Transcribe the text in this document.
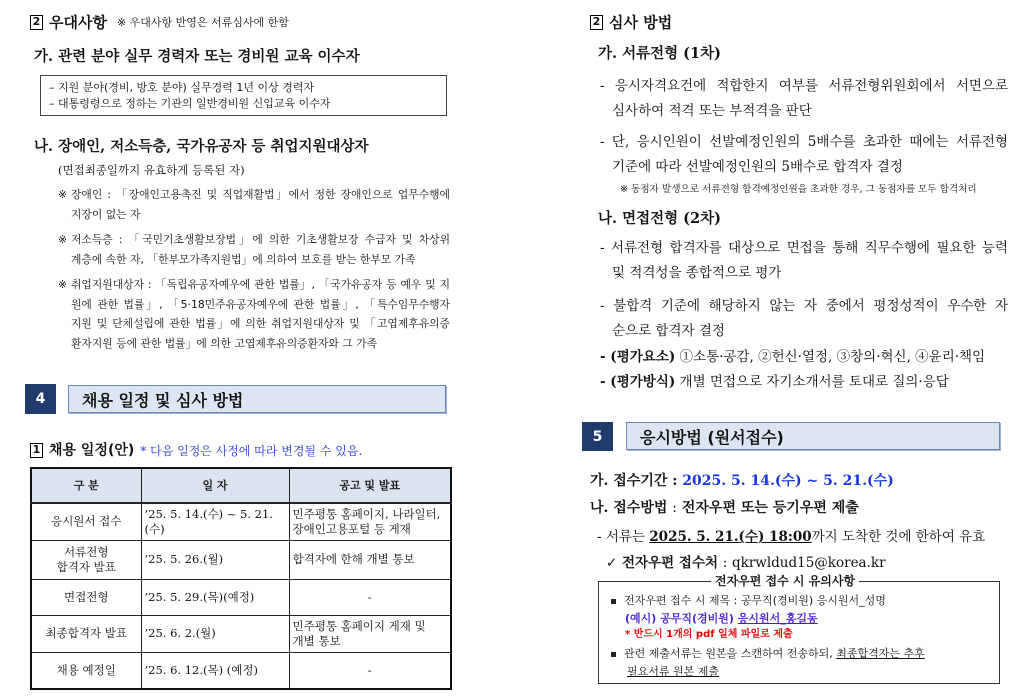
2 우대사항 ※ 우대사항 반영은 서류심사에 한함
가. 관련 분야 실무 경력자 또는 경비원 교육 이수자
– 지원 분야(경비, 방호 분야) 실무경력 1년 이상 경력자
– 대통령령으로 정하는 기관의 일반경비원 신입교육 이수자
나. 장애인, 저소득층, 국가유공자 등 취업지원대상자
(면접최종일까지 유효하게 등록된 자)
※ 장애인 : 「장애인고용촉진 및 직업재활법」에서 정한 장애인으로 업무수행에
지장이 없는 자
※ 저소득층 : 「국민기초생활보장법」에 의한 기초생활보장 수급자 및 차상위
계층에 속한 자, 「한부모가족지원법」에 의하여 보호를 받는 한부모 가족
※ 취업지원대상자 : 「독립유공자예우에 관한 법률」, 「국가유공자 등 예우 및 지
원에 관한 법률」, 「5·18민주유공자예우에 관한 법률」, 「특수임무수행자
지원 및 단체설립에 관한 법률」에 의한 취업지원대상자 및 「고엽제후유의증
환자지원 등에 관한 법률」에 의한 고엽제후유의증환자와 그 가족
4	채용 일정 및 심사 방법
1 채용 일정(안) * 다음 일정은 사정에 따라 변경될 수 있음.
구 분	일 자	공고 및 발표

응시원서 접수	’25. 5. 14.(수) ~ 5. 21.(수)	민주평통 홈페이지, 나라일터,
장애인고용포털 등 게재

서류전형
합격자 발표	’25. 5. 26.(월)	합격자에 한해 개별 통보

면접전형	’25. 5. 29.(목)(예정)	-

최종합격자 발표	’25. 6. 2.(월)	민주평통 홈페이지 게재 및
개별 통보

채용 예정일	’25. 6. 12.(목) (예정)	-
2 심사 방법
가. 서류전형 (1차)
- 응시자격요건에 적합한지 여부를 서류전형위원회에서 서면으로
심사하여 적격 또는 부적격을 판단
- 단, 응시인원이 선발예정인원의 5배수를 초과한 때에는 서류전형
기준에 따라 선발예정인원의 5배수로 합격자 결정
※ 동점자 발생으로 서류전형 합격예정인원을 초과한 경우, 그 동점자를 모두 합격처리
나. 면접전형 (2차)
- 서류전형 합격자를 대상으로 면접을 통해 직무수행에 필요한 능력
및 적격성을 종합적으로 평가
- 불합격 기준에 해당하지 않는 자 중에서 평정성적이 우수한 자
순으로 합격자 결정
- (평가요소) ①소통·공감, ②헌신·열정, ③창의·혁신, ④윤리·책임
- (평가방식) 개별 면접으로 자기소개서를 토대로 질의·응답
5	응시방법 (원서접수)
가. 접수기간 : 2025. 5. 14.(수) ~ 5. 21.(수)
나. 접수방법 : 전자우편 또는 등기우편 제출
- 서류는 2025. 5. 21.(수) 18:00까지 도착한 것에 한하여 유효
✓전자우편 접수처 : qkrwldud15@korea.kr
전자우편 접수 시 유의사항
전자우편 접수 시 제목 : 공무직(경비원) 응시원서_성명
(예시) 공무직(경비원) 응시원서_홍길동
* 반드시 1개의 pdf 일체 파일로 제출
관련 제출서류는 원본을 스캔하여 전송하되, 최종합격자는 추후
필요서류 원본 제출
